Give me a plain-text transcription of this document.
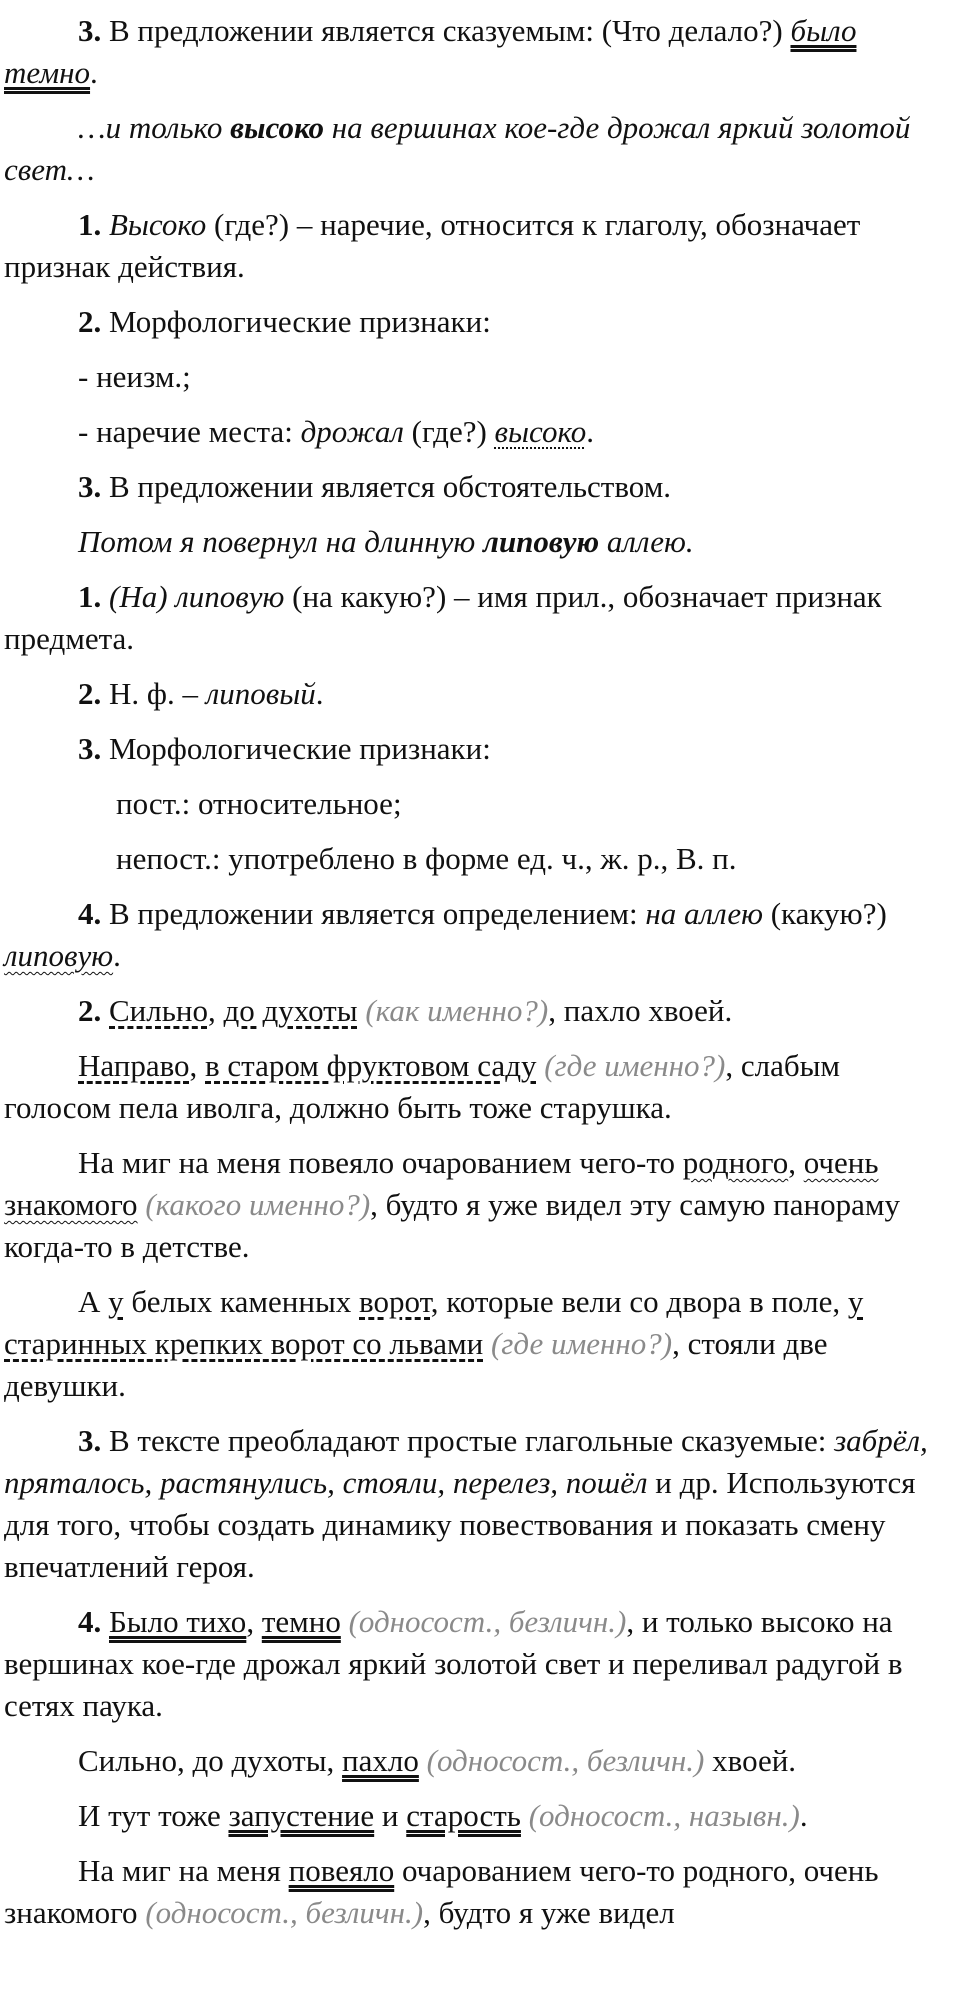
3. В предложении является сказуемым: (Что делало?) было темно.

…и только высоко на вершинах кое-где дрожал яркий золотой свет…

1. Высоко (где?) – наречие, относится к глаголу, обозначает признак действия.

2. Морфологические признаки:

- неизм.;

- наречие места: дрожал (где?) высоко.

3. В предложении является обстоятельством.

Потом я повернул на длинную липовую аллею.

1. (На) липовую (на какую?) – имя прил., обозначает признак предмета.

2. Н. ф. – липовый.

3. Морфологические признаки:

пост.: относительное;

непост.: употреблено в форме ед. ч., ж. р., В. п.

4. В предложении является определением: на аллею (какую?) липовую.

2. Сильно, до духоты (как именно?), пахло хвоей.

Направо, в старом фруктовом саду (где именно?), слабым голосом пела иволга, должно быть тоже старушка.

На миг на меня повеяло очарованием чего-то родного, очень знакомого (какого именно?), будто я уже видел эту самую панораму когда-то в детстве.

А у белых каменных ворот, которые вели со двора в поле, у старинных крепких ворот со львами (где именно?), стояли две девушки.

3. В тексте преобладают простые глагольные сказуемые: забрёл, пряталось, растянулись, стояли, перелез, пошёл и др. Используются для того, чтобы создать динамику повествования и показать смену впечатлений героя.

4. Было тихо, темно (односост., безличн.), и только высоко на вершинах кое-где дрожал яркий золотой свет и переливал радугой в сетях паука.

Сильно, до духоты, пахло (односост., безличн.) хвоей.

И тут тоже запустение и старость (односост., назывн.).

На миг на меня повеяло очарованием чего-то родного, очень знакомого (односост., безличн.), будто я уже видел
